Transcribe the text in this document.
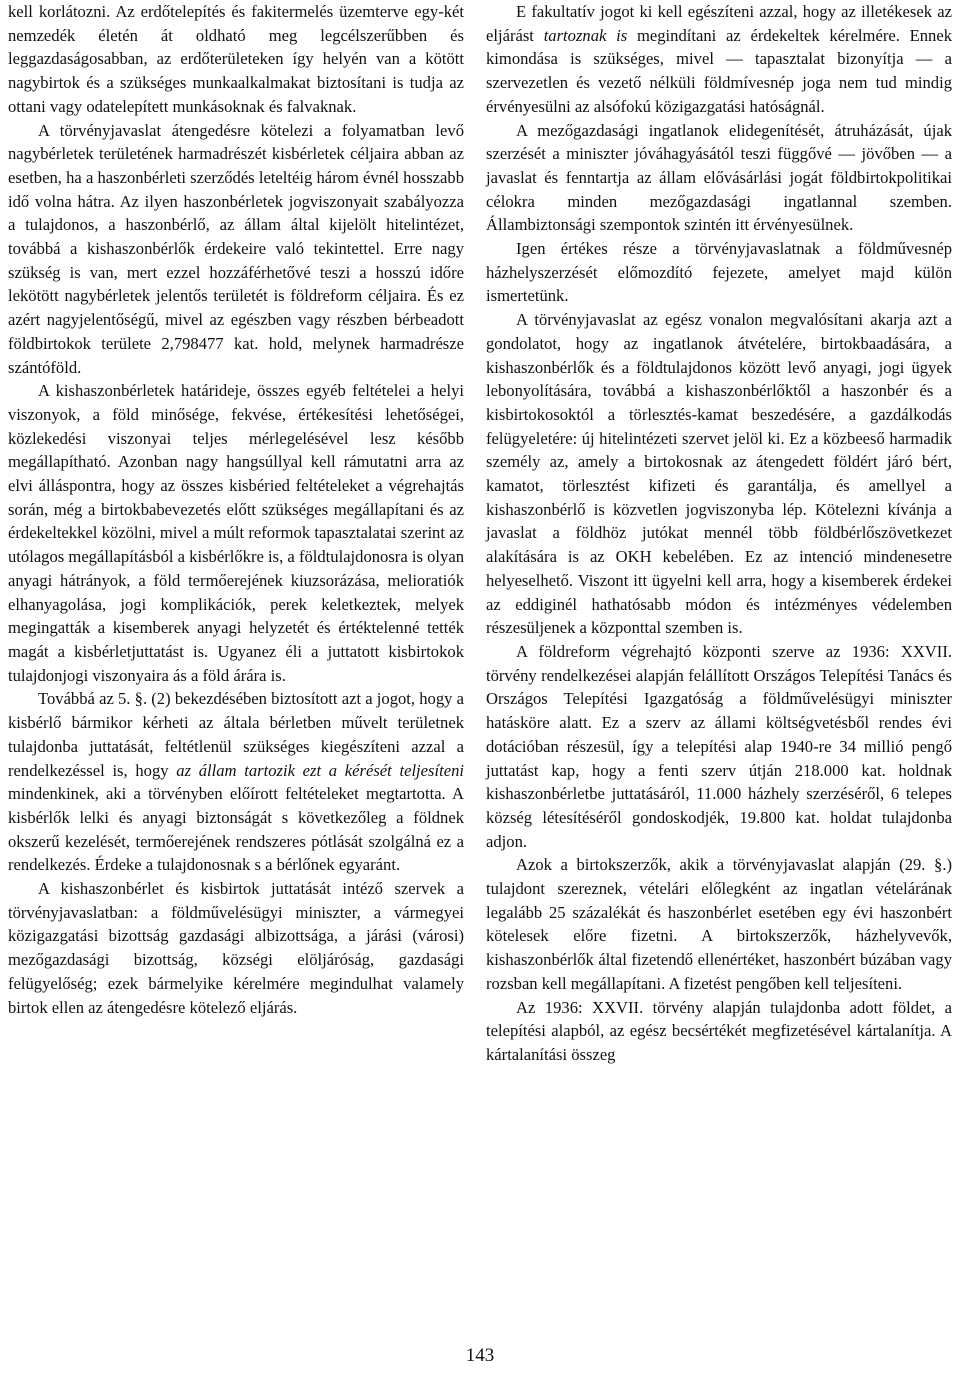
kell korlátozni. Az erdőtelepítés és fakitermelés üzemterve egy-két nemzedék életén át oldható meg legcélszerűbben és leggazdaságosabban, az erdőterületeken így helyén van a kötött nagybirtok és a szükséges munkaalkalmakat biztosítani is tudja az ottani vagy odatelepített munkásoknak és falvaknak.

A törvényjavaslat átengedésre kötelezi a folyamatban levő nagybérletek területének harmadrészét kisbérletek céljaira abban az esetben, ha a haszonbérleti szerződés leteltéig három évnél hosszabb idő volna hátra. Az ilyen haszonbérletek jogviszonyait szabályozza a tulajdonos, a haszonbérlő, az állam által kijelölt hitelintézet, továbbá a kishaszonbérlők érdekeire való tekintettel. Erre nagy szükség is van, mert ezzel hozzáférhetővé teszi a hosszú időre lekötött nagybérletek jelentős területét is földreform céljaira. És ez azért nagyjelentőségű, mivel az egészben vagy részben bérbeadott földbirtokok területe 2,798477 kat. hold, melynek harmadrésze szántóföld.

A kishaszonbérletek határideje, összes egyéb feltételei a helyi viszonyok, a föld minősége, fekvése, értékesítési lehetőségei, közlekedési viszonyai teljes mérlegelésével lesz később megállapítható. Azonban nagy hangsúllyal kell rámutatni arra az elvi álláspontra, hogy az összes kisbéried feltételeket a végrehajtás során, még a birtokbabevezetés előtt szükséges megállapítani és az érdekeltekkel közölni, mivel a múlt reformok tapasztalatai szerint az utólagos megállapításból a kisbérlőkre is, a földtulajdonosra is olyan anyagi hátrányok, a föld termőerejének kiuzsorázása, melioratiók elhanyagolása, jogi komplikációk, perek keletkeztek, melyek megingatták a kisemberek anyagi helyzetét és értéktelenné tették magát a kisbérletjuttatást is. Ugyanez éli a juttatott kisbirtokok tulajdonjogi viszonyaira ás a föld árára is.

Továbbá az 5. §. (2) bekezdésében biztosított azt a jogot, hogy a kisbérlő bármikor kérheti az általa bérletben művelt területnek tulajdonba juttatását, feltétlenül szükséges kiegészíteni azzal a rendelkezéssel is, hogy az állam tartozik ezt a kérését teljesíteni mindenkinek, aki a törvényben előírott feltételeket megtartotta. A kisbérlők lelki és anyagi biztonságát s következőleg a földnek okszerű kezelését, termőerejének rendszeres pótlását szolgálná ez a rendelkezés. Érdeke a tulajdonosnak s a bérlőnek egyaránt.

A kishaszonbérlet és kisbirtok juttatását intéző szervek a törvényjavaslatban: a földművelésügyi miniszter, a vármegyei közigazgatási bizottság gazdasági albizottsága, a járási (városi) mezőgazdasági bizottság, községi elöljáróság, gazdasági felügyelőség; ezek bármelyike kérelmére megindulhat valamely birtok ellen az átengedésre kötelező eljárás.

E fakultatív jogot ki kell egészíteni azzal, hogy az illetékesek az eljárást tartoznak is megindítani az érdekeltek kérelmére. Ennek kimondása is szükséges, mivel — tapasztalat bizonyítja — a szervezetlen és vezető nélküli földmívesnép joga nem tud mindig érvényesülni az alsófokú közigazgatási hatóságnál.

A mezőgazdasági ingatlanok elidegenítését, átruházását, újak szerzését a miniszter jóváhagyásától teszi függővé — jövőben — a javaslat és fenntartja az állam elővásárlási jogát földbirtokpolitikai célokra minden mezőgazdasági ingatlannal szemben. Állambiztonsági szempontok szintén itt érvényesülnek.

Igen értékes része a törvényjavaslatnak a földművesnép házhelyszerzését előmozdító fejezete, amelyet majd külön ismertetünk.

A törvényjavaslat az egész vonalon megvalósítani akarja azt a gondolatot, hogy az ingatlanok átvételére, birtokbaadására, a kishaszonbérlők és a földtulajdonos között levő anyagi, jogi ügyek lebonyolítására, továbbá a kishaszonbérlőktől a haszonbér és a kisbirtokosoktól a törlesztés-kamat beszedésére, a gazdálkodás felügyeletére: új hitelintézeti szervet jelöl ki. Ez a közbeeső harmadik személy az, amely a birtokosnak az átengedett földért járó bért, kamatot, törlesztést kifizeti és garantálja, és amellyel a kishaszonbérlő is közvetlen jogviszonyba lép. Kötelezni kívánja a javaslat a földhöz jutókat mennél több földbérlőszövetkezet alakítására is az OKH kebelében. Ez az intenció mindenesetre helyeselhető. Viszont itt ügyelni kell arra, hogy a kisemberek érdekei az eddiginél hathatósabb módon és intézményes védelemben részesüljenek a központtal szemben is.

A földreform végrehajtó központi szerve az 1936: XXVII. törvény rendelkezései alapján felállított Országos Telepítési Tanács és Országos Telepítési Igazgatóság a földművelésügyi miniszter hatásköre alatt. Ez a szerv az állami költségvetésből rendes évi dotációban részesül, így a telepítési alap 1940-re 34 millió pengő juttatást kap, hogy a fenti szerv útján 218.000 kat. holdnak kishaszonbérletbe juttatásáról, 11.000 házhely szerzéséről, 6 telepes község létesítéséről gondoskodjék, 19.800 kat. holdat tulajdonba adjon.

Azok a birtokszerzők, akik a törvényjavaslat alapján (29. §.) tulajdont szereznek, vételári előlegként az ingatlan vételárának legalább 25 százalékát és haszonbérlet esetében egy évi haszonbért kötelesek előre fizetni. A birtokszerzők, házhelyvevők, kishaszonbérlők által fizetendő ellenértéket, haszonbért búzában vagy rozsban kell megállapítani. A fizetést pengőben kell teljesíteni.

Az 1936: XXVII. törvény alapján tulajdonba adott földet, a telepítési alapból, az egész becsértékét megfizetésével kártalanítja. A kártalanítási összeg

143
